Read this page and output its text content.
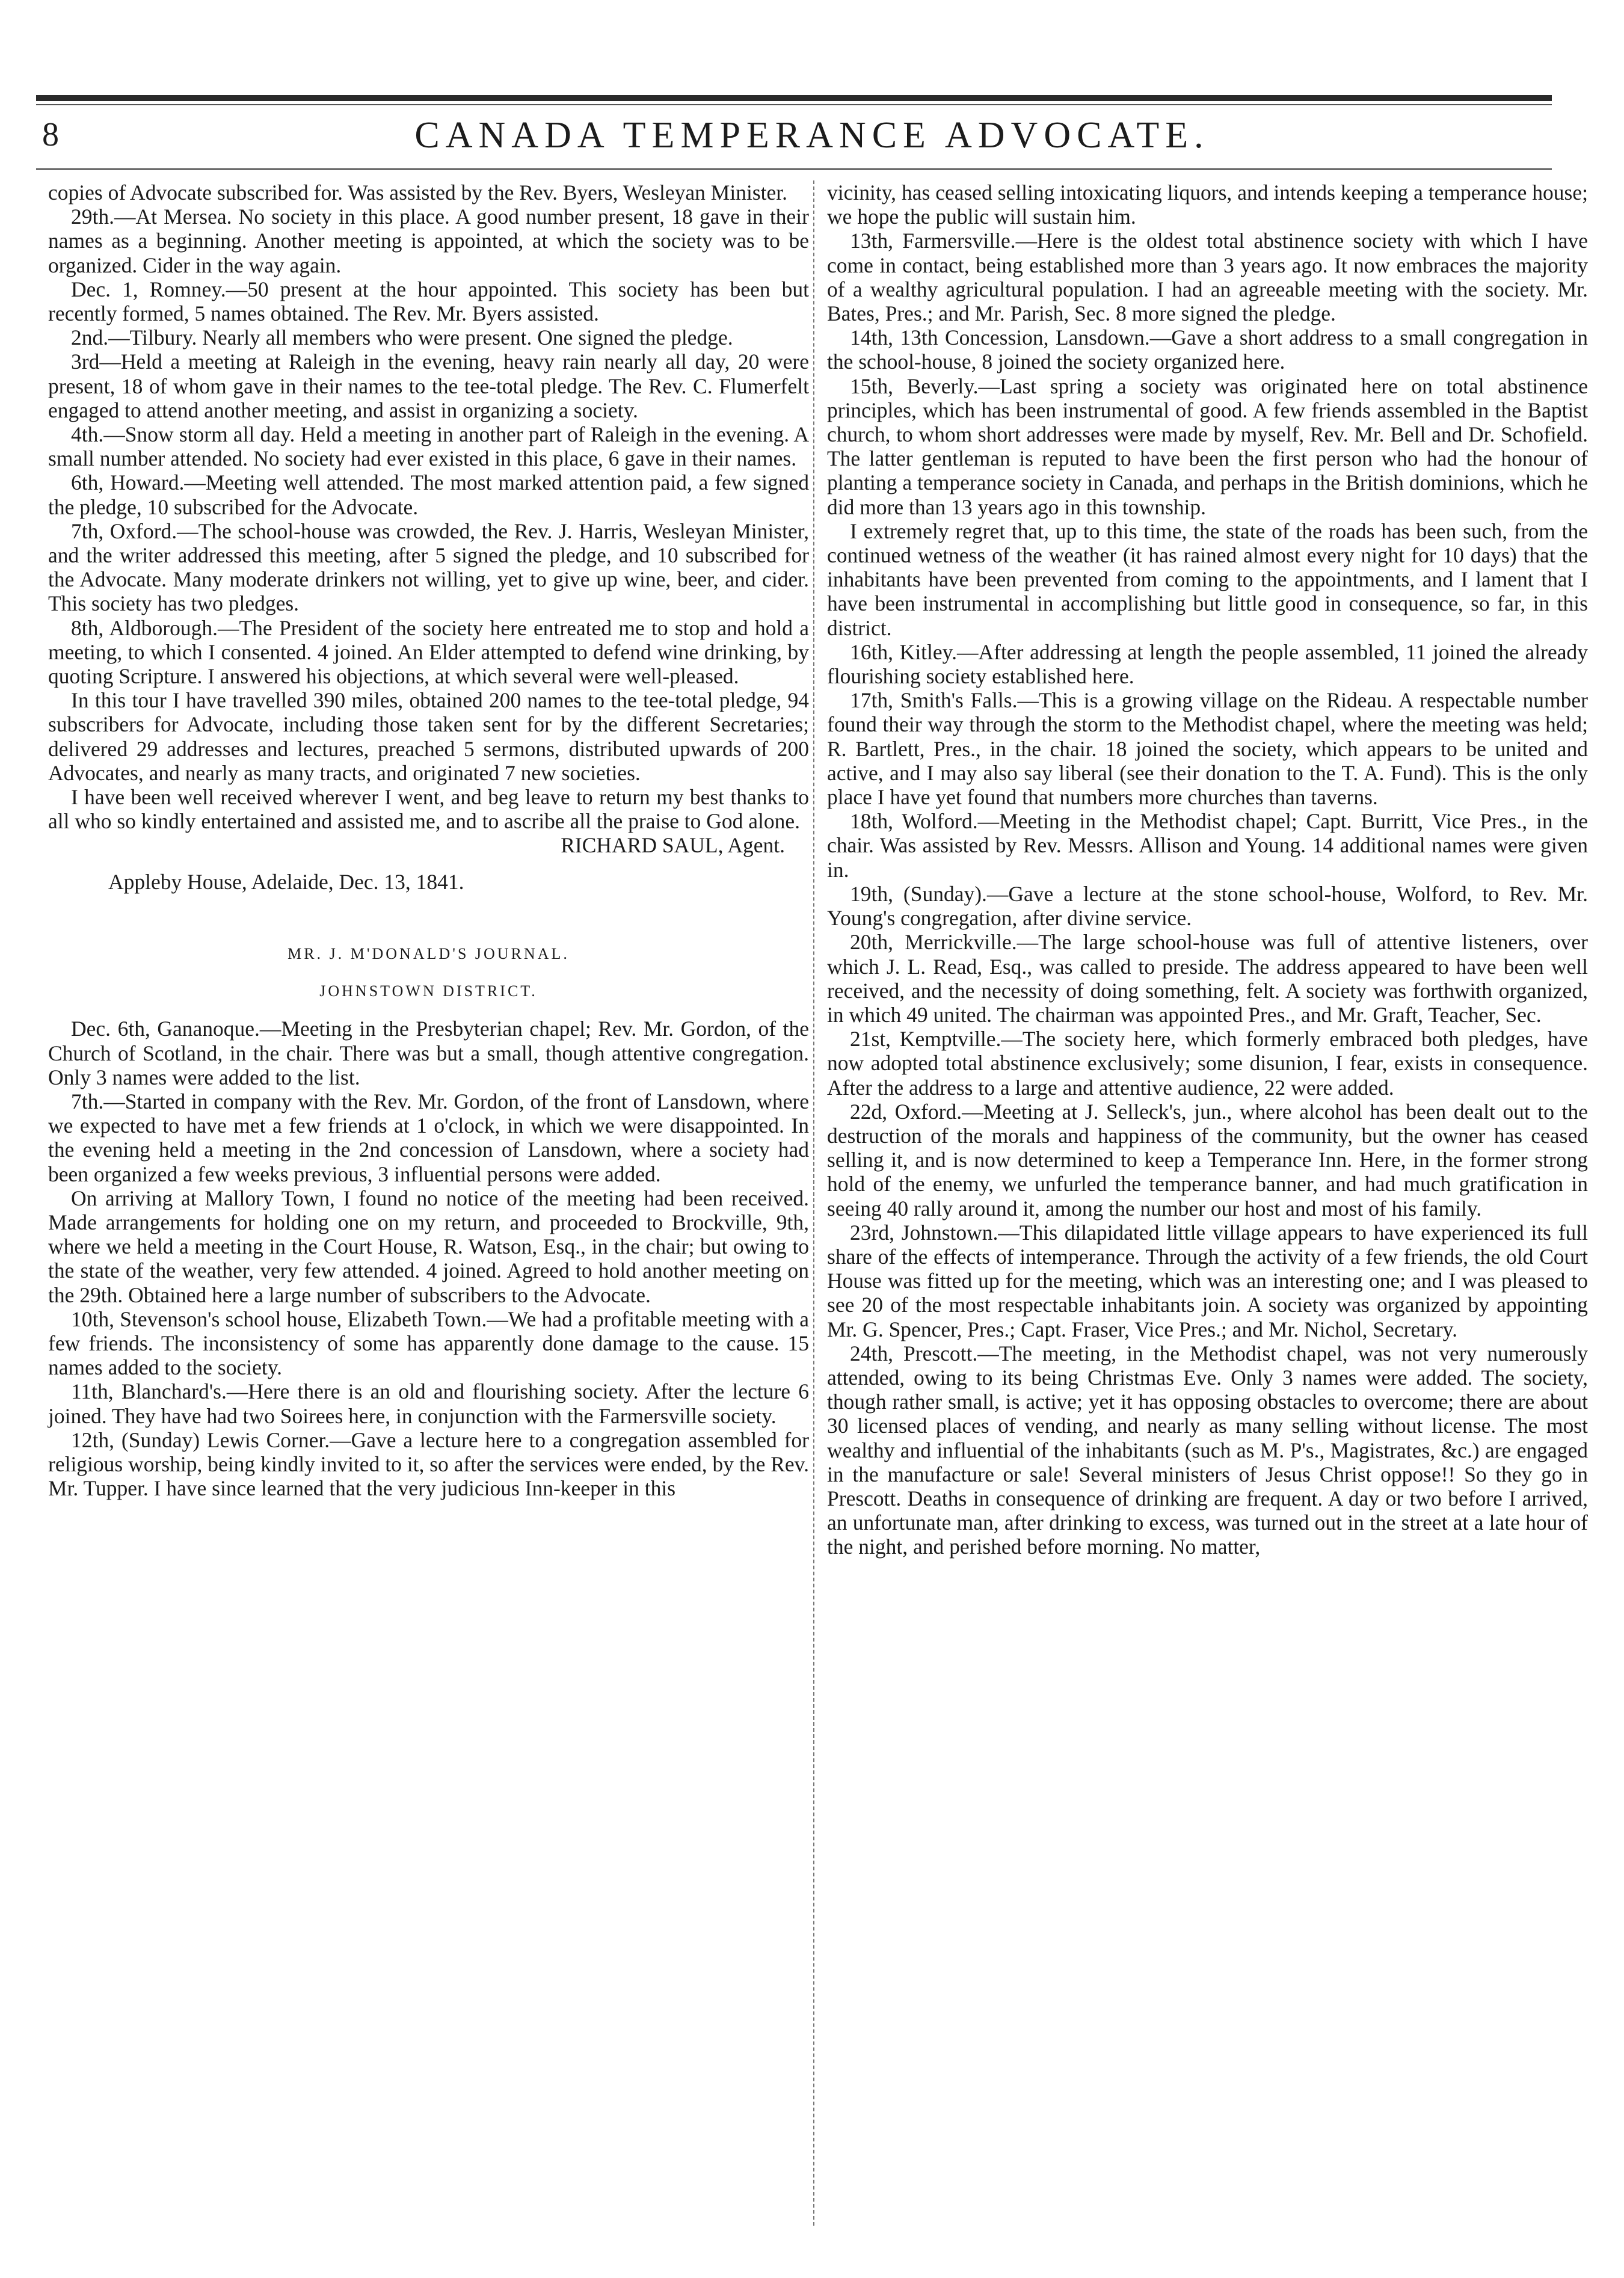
8	CANADA TEMPERANCE ADVOCATE.

copies of Advocate subscribed for. Was assisted by the Rev. Byers, Wesleyan Minister.

29th.—At Mersea. No society in this place. A good number present, 18 gave in their names as a beginning. Another meeting is appointed, at which the society was to be organized. Cider in the way again.

Dec. 1, Romney.—50 present at the hour appointed. This society has been but recently formed, 5 names obtained. The Rev. Mr. Byers assisted.

2nd.—Tilbury. Nearly all members who were present. One signed the pledge.

3rd—Held a meeting at Raleigh in the evening, heavy rain nearly all day, 20 were present, 18 of whom gave in their names to the tee-total pledge. The Rev. C. Flumerfelt engaged to attend another meeting, and assist in organizing a society.

4th.—Snow storm all day. Held a meeting in another part of Raleigh in the evening. A small number attended. No society had ever existed in this place, 6 gave in their names.

6th, Howard.—Meeting well attended. The most marked attention paid, a few signed the pledge, 10 subscribed for the Advocate.

7th, Oxford.—The school-house was crowded, the Rev. J. Harris, Wesleyan Minister, and the writer addressed this meeting, after 5 signed the pledge, and 10 subscribed for the Advocate. Many moderate drinkers not willing, yet to give up wine, beer, and cider. This society has two pledges.

8th, Aldborough.—The President of the society here entreated me to stop and hold a meeting, to which I consented. 4 joined. An Elder attempted to defend wine drinking, by quoting Scripture. I answered his objections, at which several were well-pleased.

In this tour I have travelled 390 miles, obtained 200 names to the tee-total pledge, 94 subscribers for Advocate, including those taken sent for by the different Secretaries; delivered 29 addresses and lectures, preached 5 sermons, distributed upwards of 200 Advocates, and nearly as many tracts, and originated 7 new societies.

I have been well received wherever I went, and beg leave to return my best thanks to all who so kindly entertained and assisted me, and to ascribe all the praise to God alone.

RICHARD SAUL, Agent.

Appleby House, Adelaide, Dec. 13, 1841.

MR. J. M'DONALD'S JOURNAL.

JOHNSTOWN DISTRICT.

Dec. 6th, Gananoque.—Meeting in the Presbyterian chapel; Rev. Mr. Gordon, of the Church of Scotland, in the chair. There was but a small, though attentive congregation. Only 3 names were added to the list.

7th.—Started in company with the Rev. Mr. Gordon, of the front of Lansdown, where we expected to have met a few friends at 1 o'clock, in which we were disappointed. In the evening held a meeting in the 2nd concession of Lansdown, where a society had been organized a few weeks previous, 3 influential persons were added.

On arriving at Mallory Town, I found no notice of the meeting had been received. Made arrangements for holding one on my return, and proceeded to Brockville, 9th, where we held a meeting in the Court House, R. Watson, Esq., in the chair; but owing to the state of the weather, very few attended. 4 joined. Agreed to hold another meeting on the 29th. Obtained here a large number of subscribers to the Advocate.

10th, Stevenson's school house, Elizabeth Town.—We had a profitable meeting with a few friends. The inconsistency of some has apparently done damage to the cause. 15 names added to the society.

11th, Blanchard's.—Here there is an old and flourishing society. After the lecture 6 joined. They have had two Soirees here, in conjunction with the Farmersville society.

12th, (Sunday) Lewis Corner.—Gave a lecture here to a congregation assembled for religious worship, being kindly invited to it, so after the services were ended, by the Rev. Mr. Tupper. I have since learned that the very judicious Inn-keeper in this

vicinity, has ceased selling intoxicating liquors, and intends keeping a temperance house; we hope the public will sustain him.

13th, Farmersville.—Here is the oldest total abstinence society with which I have come in contact, being established more than 3 years ago. It now embraces the majority of a wealthy agricultural population. I had an agreeable meeting with the society. Mr. Bates, Pres.; and Mr. Parish, Sec. 8 more signed the pledge.

14th, 13th Concession, Lansdown.—Gave a short address to a small congregation in the school-house, 8 joined the society organized here.

15th, Beverly.—Last spring a society was originated here on total abstinence principles, which has been instrumental of good. A few friends assembled in the Baptist church, to whom short addresses were made by myself, Rev. Mr. Bell and Dr. Schofield. The latter gentleman is reputed to have been the first person who had the honour of planting a temperance society in Canada, and perhaps in the British dominions, which he did more than 13 years ago in this township.

I extremely regret that, up to this time, the state of the roads has been such, from the continued wetness of the weather (it has rained almost every night for 10 days) that the inhabitants have been prevented from coming to the appointments, and I lament that I have been instrumental in accomplishing but little good in consequence, so far, in this district.

16th, Kitley.—After addressing at length the people assembled, 11 joined the already flourishing society established here.

17th, Smith's Falls.—This is a growing village on the Rideau. A respectable number found their way through the storm to the Methodist chapel, where the meeting was held; R. Bartlett, Pres., in the chair. 18 joined the society, which appears to be united and active, and I may also say liberal (see their donation to the T. A. Fund). This is the only place I have yet found that numbers more churches than taverns.

18th, Wolford.—Meeting in the Methodist chapel; Capt. Burritt, Vice Pres., in the chair. Was assisted by Rev. Messrs. Allison and Young. 14 additional names were given in.

19th, (Sunday).—Gave a lecture at the stone school-house, Wolford, to Rev. Mr. Young's congregation, after divine service.

20th, Merrickville.—The large school-house was full of attentive listeners, over which J. L. Read, Esq., was called to preside. The address appeared to have been well received, and the necessity of doing something, felt. A society was forthwith organized, in which 49 united. The chairman was appointed Pres., and Mr. Graft, Teacher, Sec.

21st, Kemptville.—The society here, which formerly embraced both pledges, have now adopted total abstinence exclusively; some disunion, I fear, exists in consequence. After the address to a large and attentive audience, 22 were added.

22d, Oxford.—Meeting at J. Selleck's, jun., where alcohol has been dealt out to the destruction of the morals and happiness of the community, but the owner has ceased selling it, and is now determined to keep a Temperance Inn. Here, in the former strong hold of the enemy, we unfurled the temperance banner, and had much gratification in seeing 40 rally around it, among the number our host and most of his family.

23rd, Johnstown.—This dilapidated little village appears to have experienced its full share of the effects of intemperance. Through the activity of a few friends, the old Court House was fitted up for the meeting, which was an interesting one; and I was pleased to see 20 of the most respectable inhabitants join. A society was organized by appointing Mr. G. Spencer, Pres.; Capt. Fraser, Vice Pres.; and Mr. Nichol, Secretary.

24th, Prescott.—The meeting, in the Methodist chapel, was not very numerously attended, owing to its being Christmas Eve. Only 3 names were added. The society, though rather small, is active; yet it has opposing obstacles to overcome; there are about 30 licensed places of vending, and nearly as many selling without license. The most wealthy and influential of the inhabitants (such as M. P's., Magistrates, &c.) are engaged in the manufacture or sale! Several ministers of Jesus Christ oppose!! So they go in Prescott. Deaths in consequence of drinking are frequent. A day or two before I arrived, an unfortunate man, after drinking to excess, was turned out in the street at a late hour of the night, and perished before morning. No matter,
